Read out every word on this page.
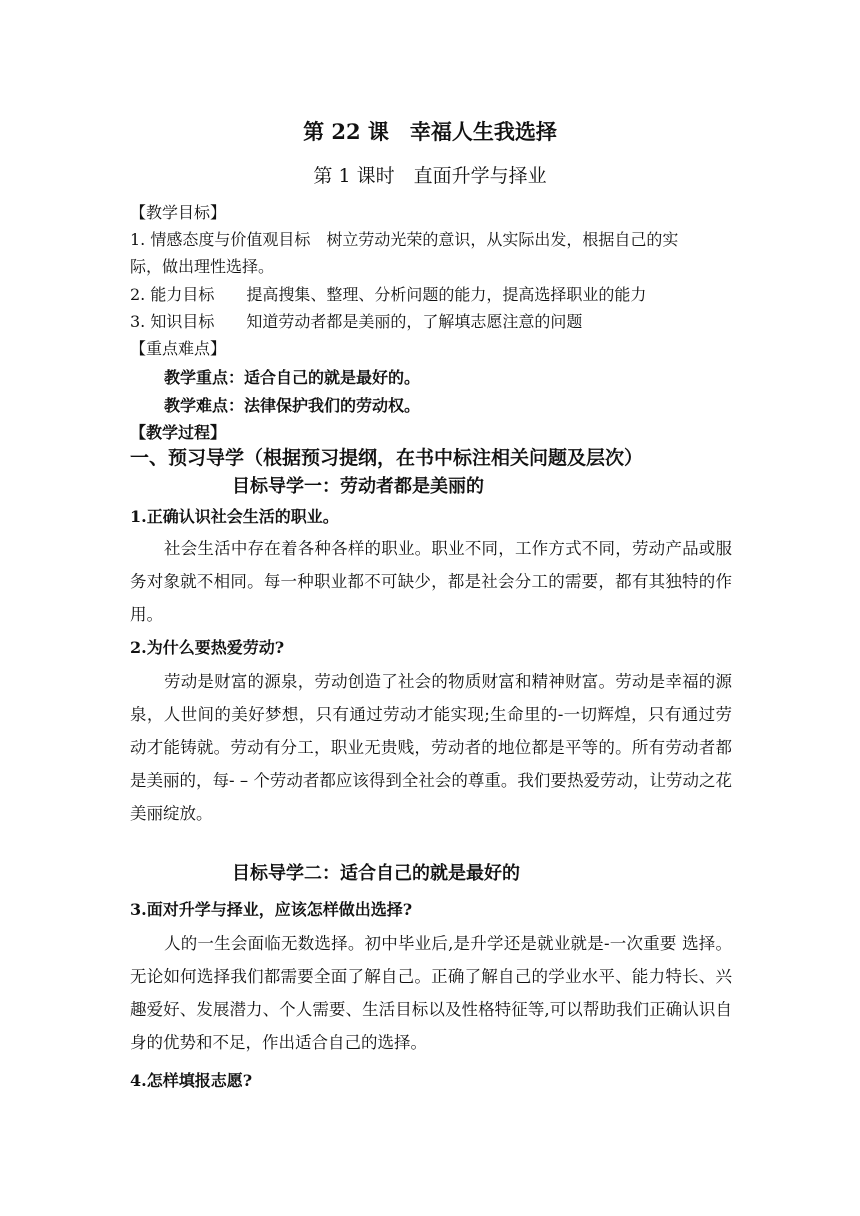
第 22 课　幸福人生我选择
第 1 课时　直面升学与择业
【教学目标】
1. 情感态度与价值观目标　树立劳动光荣的意识，从实际出发，根据自己的实
际，做出理性选择。
2. 能力目标　　提高搜集、整理、分析问题的能力，提高选择职业的能力
3. 知识目标　　知道劳动者都是美丽的，了解填志愿注意的问题
【重点难点】
教学重点：适合自己的就是最好的。
教学难点：法律保护我们的劳动权。
【教学过程】
一、预习导学（根据预习提纲，在书中标注相关问题及层次）
目标导学一：劳动者都是美丽的
1.正确认识社会生活的职业。
社会生活中存在着各种各样的职业。职业不同，工作方式不同，劳动产品或服务对象就不相同。每一种职业都不可缺少，都是社会分工的需要，都有其独特的作用。
2.为什么要热爱劳动?
劳动是财富的源泉，劳动创造了社会的物质财富和精神财富。劳动是幸福的源泉，人世间的美好梦想，只有通过劳动才能实现;生命里的-一切辉煌，只有通过劳动才能铸就。劳动有分工，职业无贵贱，劳动者的地位都是平等的。所有劳动者都是美丽的，每- – 个劳动者都应该得到全社会的尊重。我们要热爱劳动，让劳动之花美丽绽放。
目标导学二：适合自己的就是最好的
3.面对升学与择业，应该怎样做出选择?
人的一生会面临无数选择。初中毕业后,是升学还是就业就是-一次重要 选择。无论如何选择我们都需要全面了解自己。正确了解自己的学业水平、能力特长、兴趣爱好、发展潜力、个人需要、生活目标以及性格特征等,可以帮助我们正确认识自身的优势和不足，作出适合自己的选择。
4.怎样填报志愿?
